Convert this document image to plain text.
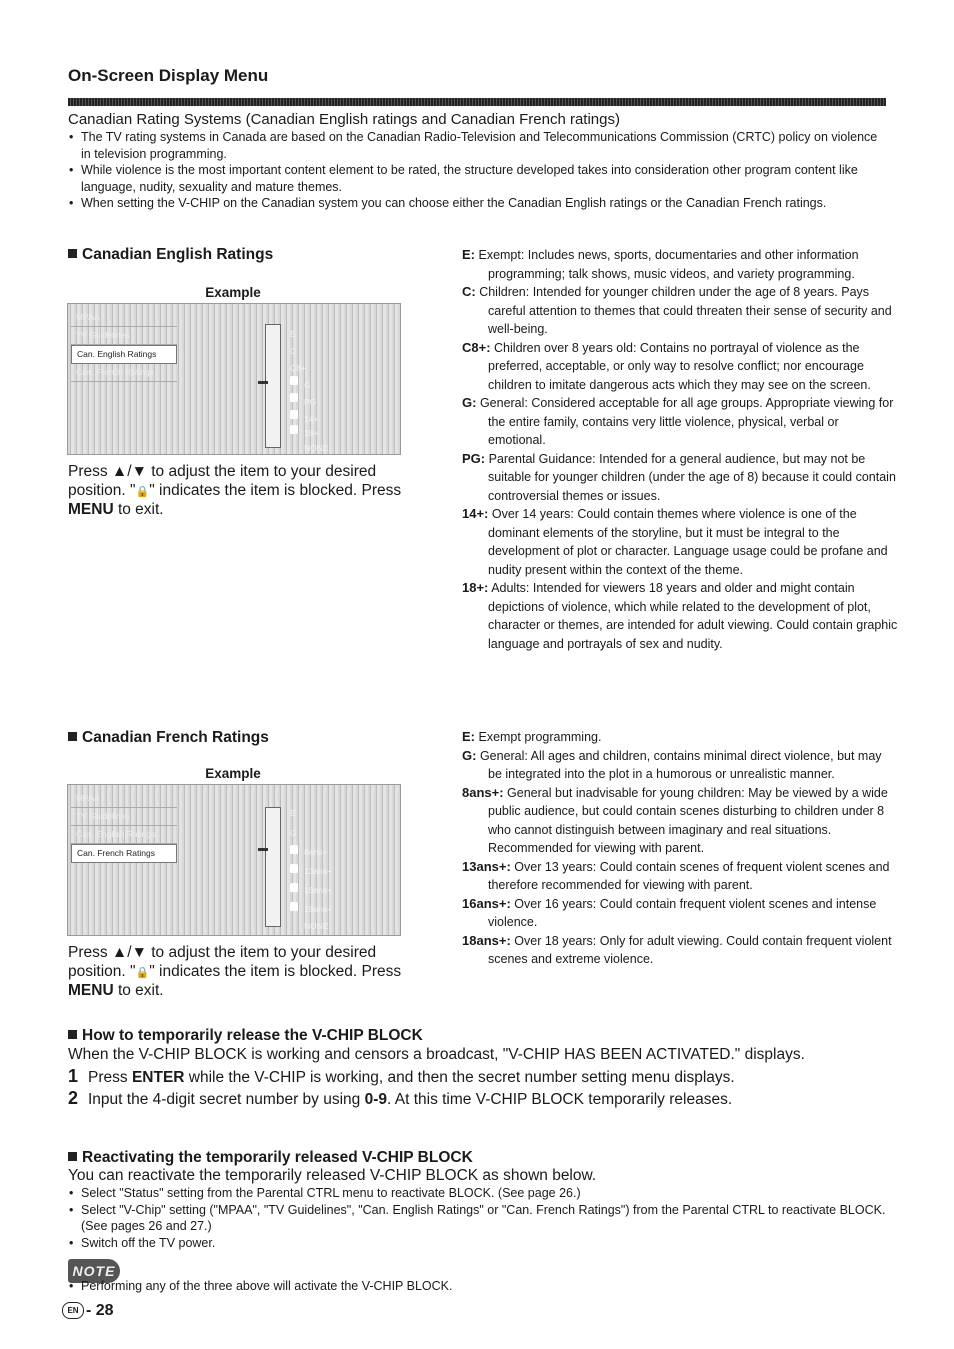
On-Screen Display Menu
Canadian Rating Systems (Canadian English ratings and Canadian French ratings)
• The TV rating systems in Canada are based on the Canadian Radio-Television and Telecommunications Commission (CRTC) policy on violence in television programming.
• While violence is the most important content element to be rated, the structure developed takes into consideration other program content like language, nudity, sexuality and mature themes.
• When setting the V-CHIP on the Canadian system you can choose either the Canadian English ratings or the Canadian French ratings.
Canadian English Ratings
Example
MPAA
TV Guidelines
Can. English Ratings
Can. French Ratings
E
C
C8+
G
PG
14+
18+
NONE
Press ▲/▼ to adjust the item to your desired position. "🔒" indicates the item is blocked. Press MENU to exit.
E: Exempt: Includes news, sports, documentaries and other information programming; talk shows, music videos, and variety programming.
C: Children: Intended for younger children under the age of 8 years. Pays careful attention to themes that could threaten their sense of security and well-being.
C8+: Children over 8 years old: Contains no portrayal of violence as the preferred, acceptable, or only way to resolve conflict; nor encourage children to imitate dangerous acts which they may see on the screen.
G: General: Considered acceptable for all age groups. Appropriate viewing for the entire family, contains very little violence, physical, verbal or emotional.
PG: Parental Guidance: Intended for a general audience, but may not be suitable for younger children (under the age of 8) because it could contain controversial themes or issues.
14+: Over 14 years: Could contain themes where violence is one of the dominant elements of the storyline, but it must be integral to the development of plot or character. Language usage could be profane and nudity present within the context of the theme.
18+: Adults: Intended for viewers 18 years and older and might contain depictions of violence, which while related to the development of plot, character or themes, are intended for adult viewing. Could contain graphic language and portrayals of sex and nudity.
Canadian French Ratings
Example
MPAA
TV Guidelines
Can. English Ratings
Can. French Ratings
E
G
8ans+
13ans+
16ans+
18ans+
NONE
Press ▲/▼ to adjust the item to your desired position. "🔒" indicates the item is blocked. Press MENU to exit.
E: Exempt programming.
G: General: All ages and children, contains minimal direct violence, but may be integrated into the plot in a humorous or unrealistic manner.
8ans+: General but inadvisable for young children: May be viewed by a wide public audience, but could contain scenes disturbing to children under 8 who cannot distinguish between imaginary and real situations.
Recommended for viewing with parent.
13ans+: Over 13 years: Could contain scenes of frequent violent scenes and therefore recommended for viewing with parent.
16ans+: Over 16 years: Could contain frequent violent scenes and intense violence.
18ans+: Over 18 years: Only for adult viewing. Could contain frequent violent scenes and extreme violence.
How to temporarily release the V-CHIP BLOCK
When the V-CHIP BLOCK is working and censors a broadcast, "V-CHIP HAS BEEN ACTIVATED." displays.
1 Press ENTER while the V-CHIP is working, and then the secret number setting menu displays.
2 Input the 4-digit secret number by using 0-9. At this time V-CHIP BLOCK temporarily releases.
Reactivating the temporarily released V-CHIP BLOCK
You can reactivate the temporarily released V-CHIP BLOCK as shown below.
• Select "Status" setting from the Parental CTRL menu to reactivate BLOCK. (See page 26.)
• Select "V-Chip" setting ("MPAA", "TV Guidelines", "Can. English Ratings" or "Can. French Ratings") from the Parental CTRL to reactivate BLOCK. (See pages 26 and 27.)
• Switch off the TV power.
NOTE
• Performing any of the three above will activate the V-CHIP BLOCK.
EN - 28
